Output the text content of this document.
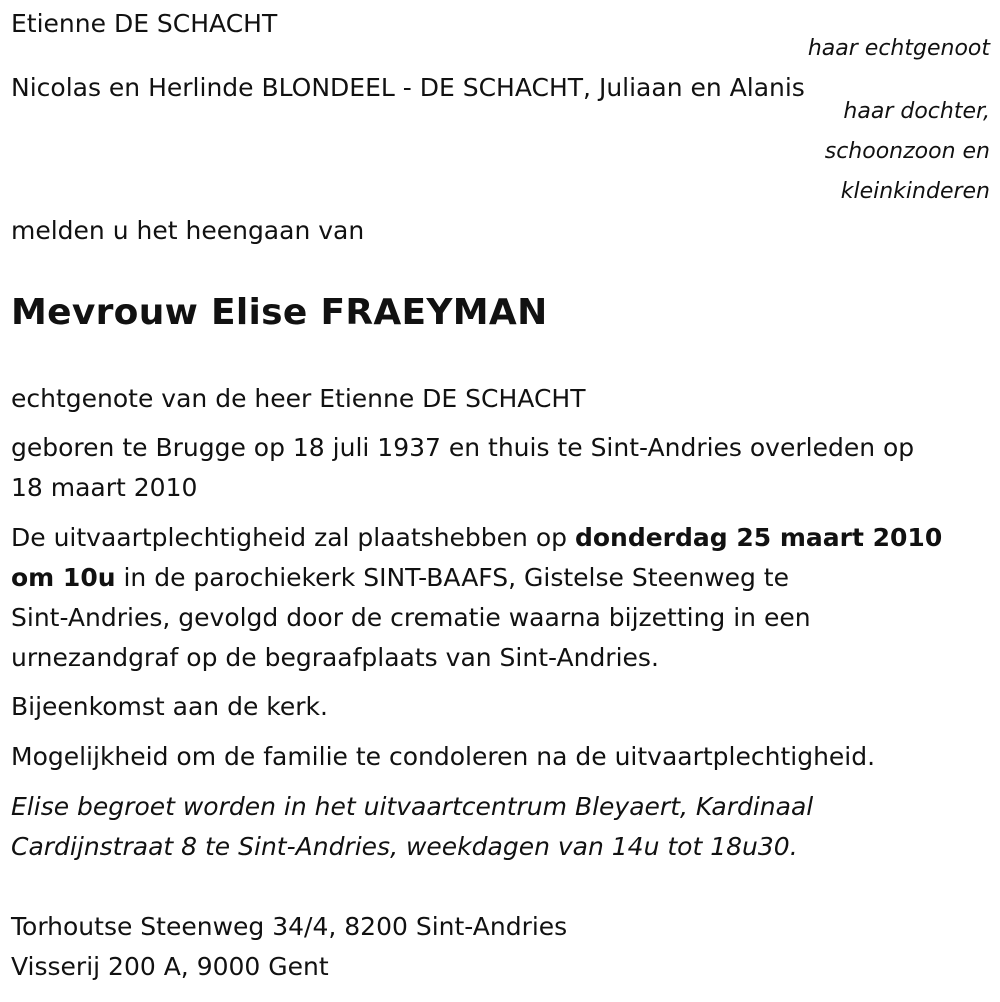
Etienne DE SCHACHT
haar echtgenoot
Nicolas en Herlinde BLONDEEL - DE SCHACHT, Juliaan en Alanis
haar dochter,
schoonzoon en
kleinkinderen
melden u het heengaan van
Mevrouw Elise FRAEYMAN
echtgenote van de heer Etienne DE SCHACHT
geboren te Brugge op 18 juli 1937 en thuis te Sint-Andries overleden op
18 maart 2010
De uitvaartplechtigheid zal plaatshebben op donderdag 25 maart 2010
om 10u in de parochiekerk SINT-BAAFS, Gistelse Steenweg te
Sint-Andries, gevolgd door de crematie waarna bijzetting in een
urnezandgraf op de begraafplaats van Sint-Andries.
Bijeenkomst aan de kerk.
Mogelijkheid om de familie te condoleren na de uitvaartplechtigheid.
Elise begroet worden in het uitvaartcentrum Bleyaert, Kardinaal
Cardijnstraat 8 te Sint-Andries, weekdagen van 14u tot 18u30.
Torhoutse Steenweg 34/4, 8200 Sint-Andries
Visserij 200 A, 9000 Gent
